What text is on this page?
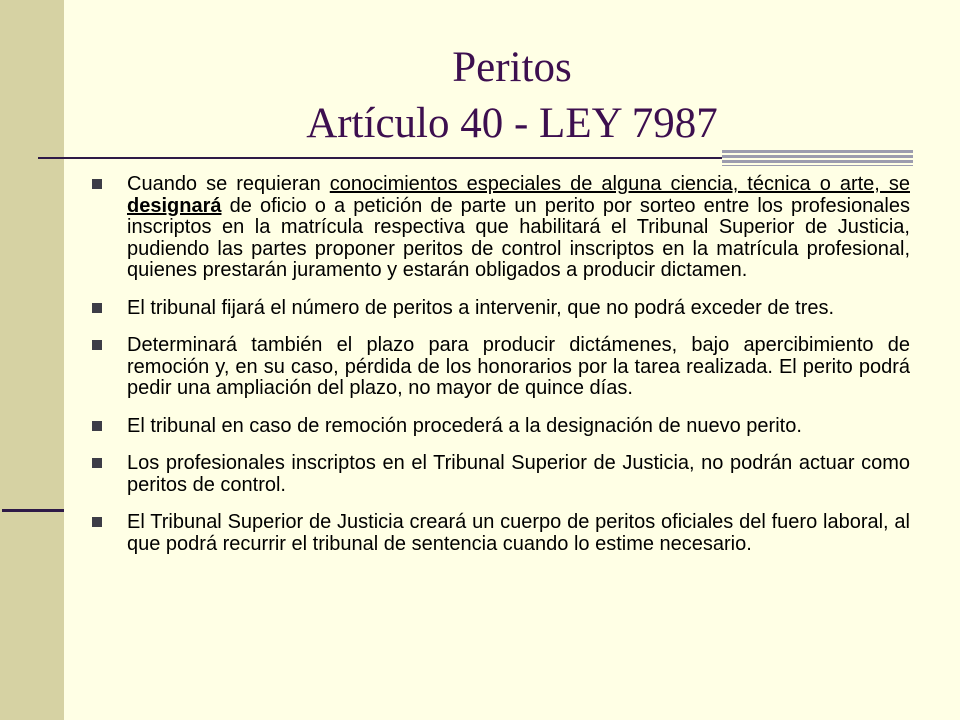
Peritos
Artículo 40 - LEY 7987
Cuando se requieran conocimientos especiales de alguna ciencia, técnica o arte, se designará de oficio o a petición de parte un perito por sorteo entre los profesionales inscriptos en la matrícula respectiva que habilitará el Tribunal Superior de Justicia, pudiendo las partes proponer peritos de control inscriptos en la matrícula profesional, quienes prestarán juramento y estarán obligados a producir dictamen.
El tribunal fijará el número de peritos a intervenir, que no podrá exceder de tres.
Determinará también el plazo para producir dictámenes, bajo apercibimiento de remoción y, en su caso, pérdida de los honorarios por la tarea realizada. El perito podrá pedir una ampliación del plazo, no mayor de quince días.
El tribunal en caso de remoción procederá a la designación de nuevo perito.
Los profesionales inscriptos en el Tribunal Superior de Justicia, no podrán actuar como peritos de control.
El Tribunal Superior de Justicia creará un cuerpo de peritos oficiales del fuero laboral, al que podrá recurrir el tribunal de sentencia cuando lo estime necesario.
